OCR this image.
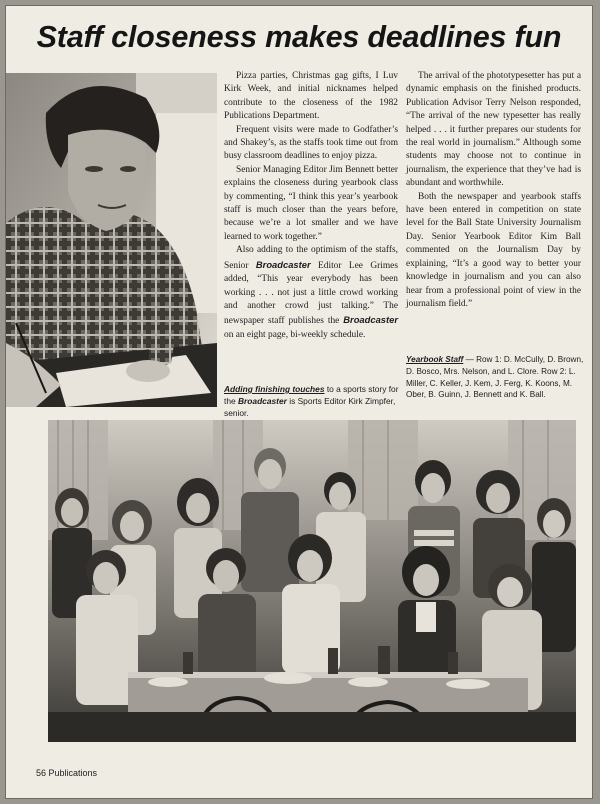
Staff closeness makes deadlines fun

Pizza parties, Christmas gag gifts, I Luv Kirk Week, and initial nicknames helped contribute to the closeness of the 1982 Publications Department.

Frequent visits were made to Godfather’s and Shakey’s, as the staffs took time out from busy classroom deadlines to enjoy pizza.

Senior Managing Editor Jim Bennett better explains the closeness during yearbook class by commenting, “I think this year’s yearbook staff is much closer than the years before, because we’re a lot smaller and we have learned to work together.”

Also adding to the optimism of the staffs, Senior Broadcaster Editor Lee Grimes added, “This year everybody has been working . . . not just a little crowd working and another crowd just talking.” The newspaper staff publishes the Broadcaster on an eight page, bi-weekly schedule.

Adding finishing touches to a sports story for the Broadcaster is Sports Editor Kirk Zimpfer, senior.

The arrival of the phototypesetter has put a dynamic emphasis on the finished products. Publication Advisor Terry Nelson responded, “The arrival of the new typesetter has really helped . . . it further prepares our students for the real world in journalism.” Although some students may choose not to continue in journalism, the experience that they’ve had is abundant and worthwhile.

Both the newspaper and yearbook staffs have been entered in competition on state level for the Ball State University Journalism Day. Senior Yearbook Editor Kim Ball commented on the Journalism Day by explaining, “It’s a good way to better your knowledge in journalism and you can also hear from a professional point of view in the journalism field.”

Yearbook Staff — Row 1: D. McCully, D. Brown, D. Bosco, Mrs. Nelson, and L. Clore. Row 2: L. Miller, C. Keller, J. Kem, J. Ferg, K. Koons, M. Ober, B. Guinn, J. Bennett and K. Ball.
56 Publications
